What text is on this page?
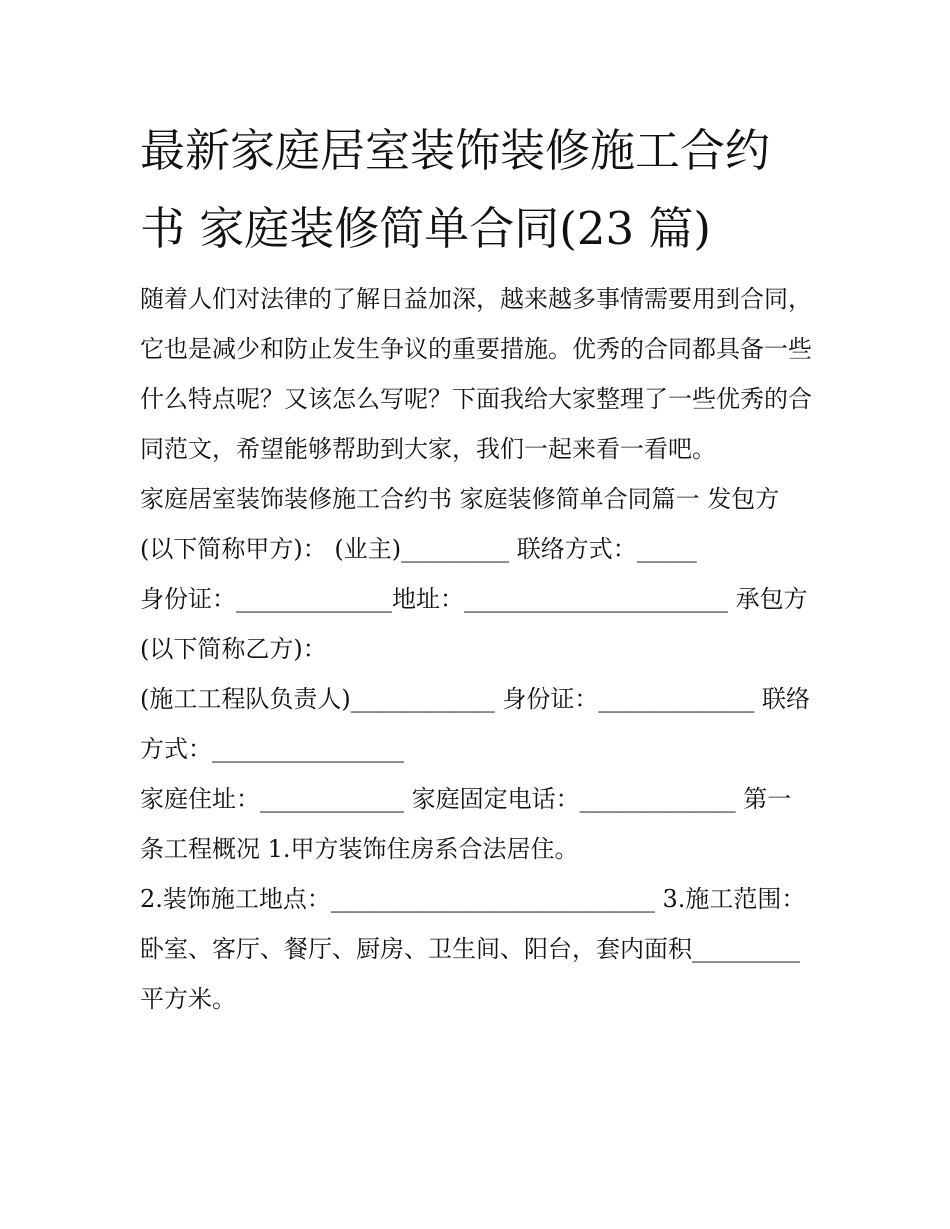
最新家庭居室装饰装修施工合约书 家庭装修简单合同(23 篇)

随着人们对法律的了解日益加深，越来越多事情需要用到合同，它也是减少和防止发生争议的重要措施。优秀的合同都具备一些什么特点呢？又该怎么写呢？下面我给大家整理了一些优秀的合同范文，希望能够帮助到大家，我们一起来看一看吧。

家庭居室装饰装修施工合约书 家庭装修简单合同篇一 发包方(以下简称甲方)： (业主)_________ 联络方式：_____

身份证：_____________地址：______________________ 承包方(以下简称乙方)：

(施工工程队负责人)____________ 身份证：_____________ 联络方式：________________

家庭住址：____________ 家庭固定电话：_____________ 第一条工程概况 1.甲方装饰住房系合法居住。

2.装饰施工地点：___________________________ 3.施工范围：卧室、客厅、餐厅、厨房、卫生间、阳台，套内面积_________平方米。
